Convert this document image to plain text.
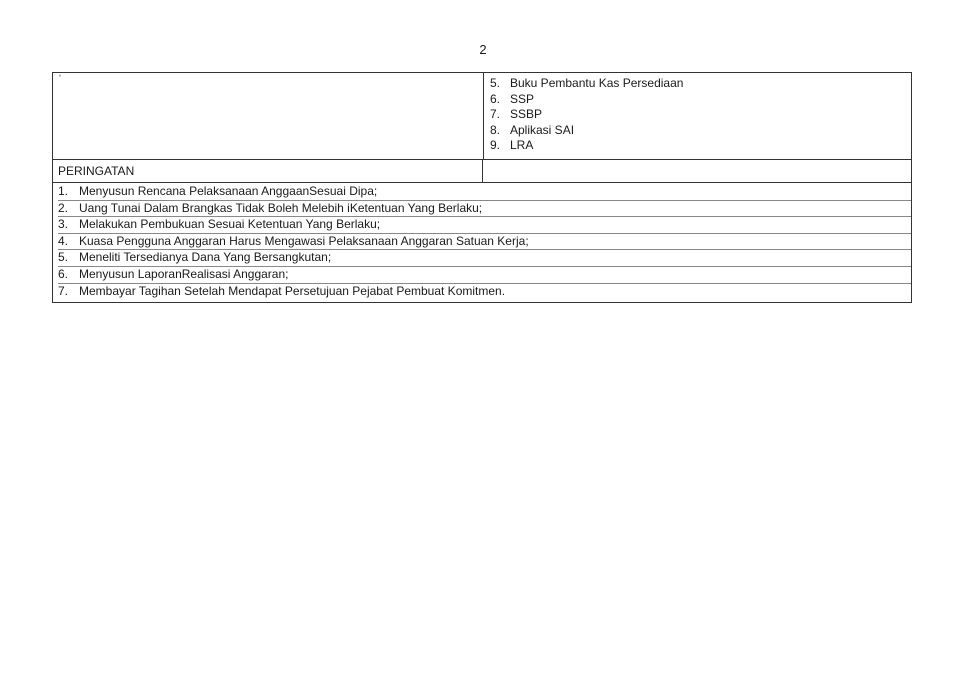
2
‘	5. Buku Pembantu Kas Persediaan
6. SSP
7. SSBP
8. Aplikasi SAI
9. LRA
PERINGATAN
1. Menyusun Rencana Pelaksanaan AnggaanSesuai Dipa;
2. Uang Tunai Dalam Brangkas Tidak Boleh Melebih iKetentuan Yang Berlaku;
3. Melakukan Pembukuan Sesuai Ketentuan Yang Berlaku;
4. Kuasa Pengguna Anggaran Harus Mengawasi Pelaksanaan Anggaran Satuan Kerja;
5. Meneliti Tersedianya Dana Yang Bersangkutan;
6. Menyusun LaporanRealisasi Anggaran;
7. Membayar Tagihan Setelah Mendapat Persetujuan Pejabat Pembuat Komitmen.
